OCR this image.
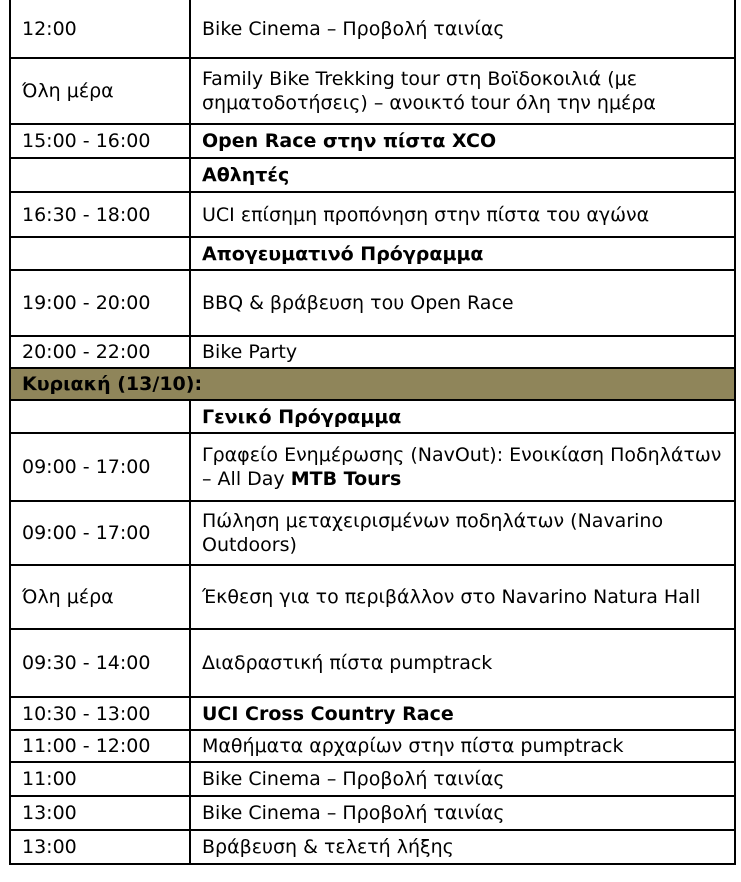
12:00	Bike Cinema – Προβολή ταινίας
Όλη μέρα	Family Bike Trekking tour στη Βοϊδοκοιλιά (με σηματοδοτήσεις) – ανοικτό tour όλη την ημέρα
15:00 - 16:00	Open Race στην πίστα XCO
	Αθλητές
16:30 - 18:00	UCI επίσημη προπόνηση στην πίστα του αγώνα
	Απογευματινό Πρόγραμμα
19:00 - 20:00	BBQ & βράβευση του Open Race
20:00 - 22:00	Bike Party
Κυριακή (13/10):	
	Γενικό Πρόγραμμα
09:00 - 17:00	Γραφείο Ενημέρωσης (NavOut): Ενοικίαση Ποδηλάτων – All Day MTB Tours
09:00 - 17:00	Πώληση μεταχειρισμένων ποδηλάτων (Navarino Outdoors)
Όλη μέρα	Έκθεση για το περιβάλλον στο Navarino Natura Hall
09:30 - 14:00	Διαδραστική πίστα pumptrack
10:30 - 13:00	UCI Cross Country Race
11:00 - 12:00	Μαθήματα αρχαρίων στην πίστα pumptrack
11:00	Bike Cinema – Προβολή ταινίας
13:00	Bike Cinema – Προβολή ταινίας
13:00	Βράβευση & τελετή λήξης
